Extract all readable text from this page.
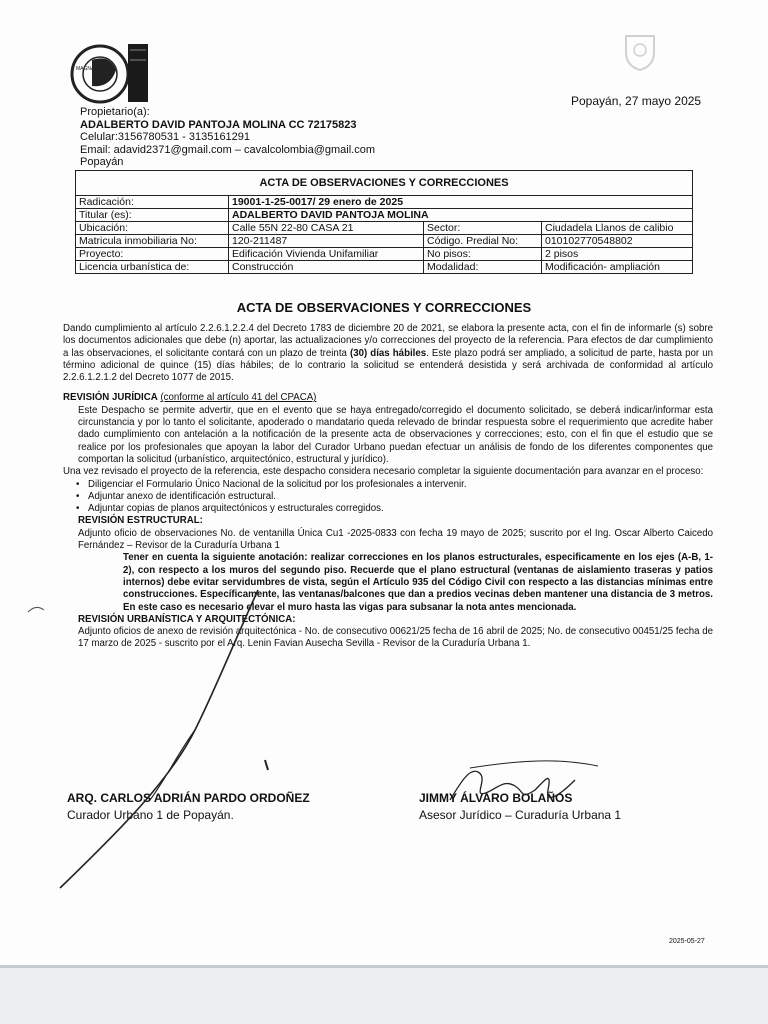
MAGNA
Popayán, 27 mayo 2025
Propietario(a):
ADALBERTO DAVID PANTOJA MOLINA CC 72175823
Celular:3156780531 - 3135161291
Email: adavid2371@gmail.com – cavalcolombia@gmail.com
Popayán
ACTA DE OBSERVACIONES Y CORRECCIONES			
Radicación:	19001-1-25-0017/ 29 enero de 2025		
Titular (es):	ADALBERTO DAVID PANTOJA MOLINA		
Ubicación:	Calle 55N 22-80 CASA 21	Sector:	Ciudadela Llanos de calibio
Matricula inmobiliaria No:	120-211487	Código. Predial No:	010102770548802
Proyecto:	Edificación Vivienda Unifamiliar	No pisos:	2 pisos
Licencia urbanística de:	Construcción	Modalidad:	Modificación- ampliación
ACTA DE OBSERVACIONES Y CORRECCIONES

Dando cumplimiento al artículo 2.2.6.1.2.2.4 del Decreto 1783 de diciembre 20 de 2021, se elabora la presente acta, con el fin de informarle (s) sobre los documentos adicionales que debe (n) aportar, las actualizaciones y/o correcciones del proyecto de la referencia. Para efectos de dar cumplimiento a las observaciones, el solicitante contará con un plazo de treinta (30) días hábiles. Este plazo podrá ser ampliado, a solicitud de parte, hasta por un término adicional de quince (15) días hábiles; de lo contrario la solicitud se entenderá desistida y será archivada de conformidad al artículo 2.2.6.1.2.1.2 del Decreto 1077 de 2015.

REVISIÓN JURÍDICA (conforme al artículo 41 del CPACA)

Este Despacho se permite advertir, que en el evento que se haya entregado/corregido el documento solicitado, se deberá indicar/informar esta circunstancia y por lo tanto el solicitante, apoderado o mandatario queda relevado de brindar respuesta sobre el requerimiento que acredite haber dado cumplimiento con antelación a la notificación de la presente acta de observaciones y correcciones; esto, con el fin que el estudio que se realice por los profesionales que apoyan la labor del Curador Urbano puedan efectuar un análisis de fondo de los diferentes componentes que comportan la solicitud (urbanístico, arquitectónico, estructural y jurídico).

Una vez revisado el proyecto de la referencia, este despacho considera necesario completar la siguiente documentación para avanzar en el proceso:

• Diligenciar el Formulario Único Nacional de la solicitud por los profesionales a intervenir.
• Adjuntar anexo de identificación estructural.
• Adjuntar copias de planos arquitectónicos y estructurales corregidos.

REVISIÓN ESTRUCTURAL:

Adjunto oficio de observaciones No. de ventanilla Única Cu1 -2025-0833 con fecha 19 mayo de 2025; suscrito por el Ing. Oscar Alberto Caicedo Fernández – Revisor de la Curaduría Urbana 1

Tener en cuenta la siguiente anotación: realizar correcciones en los planos estructurales, especificamente en los ejes (A-B, 1-2), con respecto a los muros del segundo piso. Recuerde que el plano estructural (ventanas de aislamiento traseras y patios internos) debe evitar servidumbres de vista, según el Artículo 935 del Código Civil con respecto a las distancias mínimas entre construcciones. Específicamente, las ventanas/balcones que dan a predios vecinas deben mantener una distancia de 3 metros. En este caso es necesario elevar el muro hasta las vigas para subsanar la nota antes mencionada.

REVISIÓN URBANÍSTICA Y ARQUITECTÓNICA:

Adjunto oficios de anexo de revisión arquitectónica - No. de consecutivo 00621/25 fecha de 16 abril de 2025; No. de consecutivo 00451/25 fecha de 17 marzo de 2025 - suscrito por el Arq. Lenin Favian Ausecha Sevilla - Revisor de la Curaduría Urbana 1.

ARQ. CARLOS ADRIÁN PARDO ORDOÑEZ
Curador Urbano 1 de Popayán.
JIMMY ÁLVARO BOLAÑOS
Asesor Jurídico – Curaduría Urbana 1
2025-05-27
